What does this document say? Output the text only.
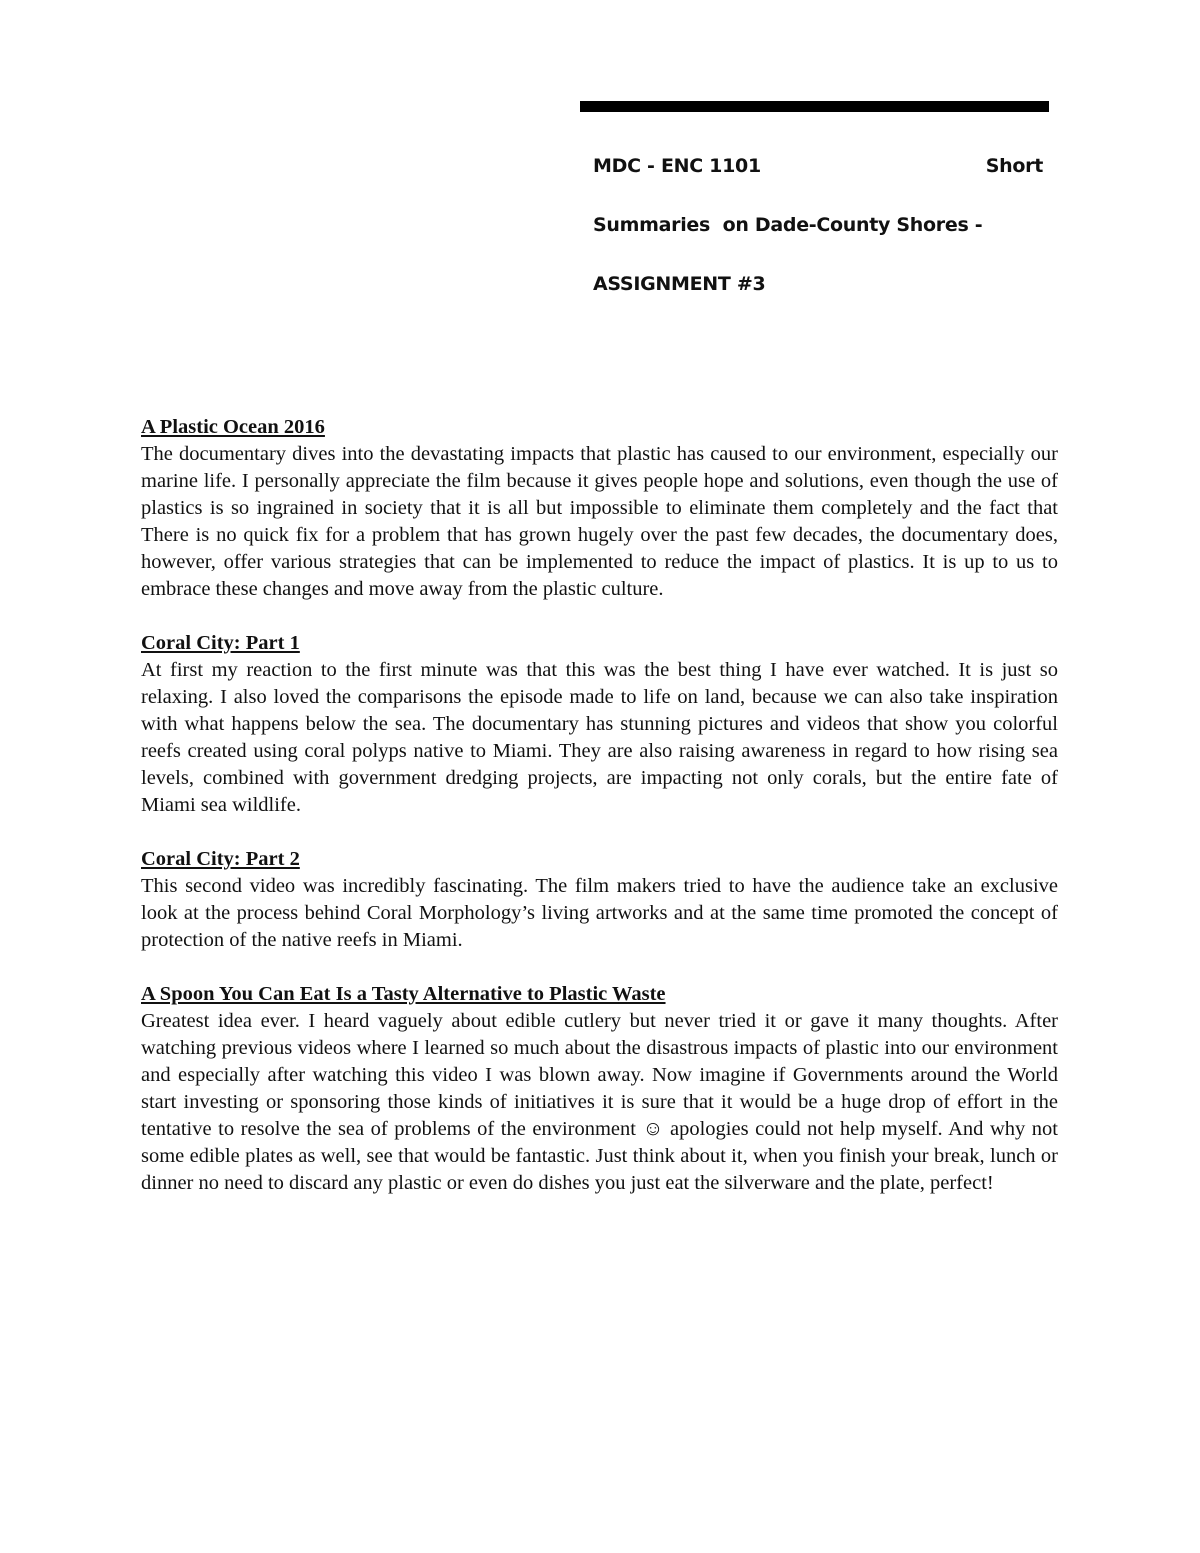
MDC - ENC 1101	Short
Summaries  on Dade-County Shores -
ASSIGNMENT #3

A Plastic Ocean 2016

The documentary dives into the devastating impacts that plastic has caused to our environment, especially our marine life. I personally appreciate the film because it gives people hope and solutions, even though the use of plastics is so ingrained in society that it is all but impossible to eliminate them completely and the fact that There is no quick fix for a problem that has grown hugely over the past few decades, the documentary does, however, offer various strategies that can be implemented to reduce the impact of plastics. It is up to us to embrace these changes and move away from the plastic culture.

Coral City: Part 1

At first my reaction to the first minute was that this was the best thing I have ever watched. It is just so relaxing. I also loved the comparisons the episode made to life on land, because we can also take inspiration with what happens below the sea. The documentary has stunning pictures and videos that show you colorful reefs created using coral polyps native to Miami. They are also raising awareness in regard to how rising sea levels, combined with government dredging projects, are impacting not only corals, but the entire fate of Miami sea wildlife.

Coral City: Part 2

This second video was incredibly fascinating. The film makers tried to have the audience take an exclusive look at the process behind Coral Morphology’s living artworks and at the same time promoted the concept of protection of the native reefs in Miami.

A Spoon You Can Eat Is a Tasty Alternative to Plastic Waste

Greatest idea ever. I heard vaguely about edible cutlery but never tried it or gave it many thoughts. After watching previous videos where I learned so much about the disastrous impacts of plastic into our environment and especially after watching this video I was blown away. Now imagine if Governments around the World start investing or sponsoring those kinds of initiatives it is sure that it would be a huge drop of effort in the tentative to resolve the sea of problems of the environment ☺ apologies could not help myself. And why not some edible plates as well, see that would be fantastic. Just think about it, when you finish your break, lunch or dinner no need to discard any plastic or even do dishes you just eat the silverware and the plate, perfect!
